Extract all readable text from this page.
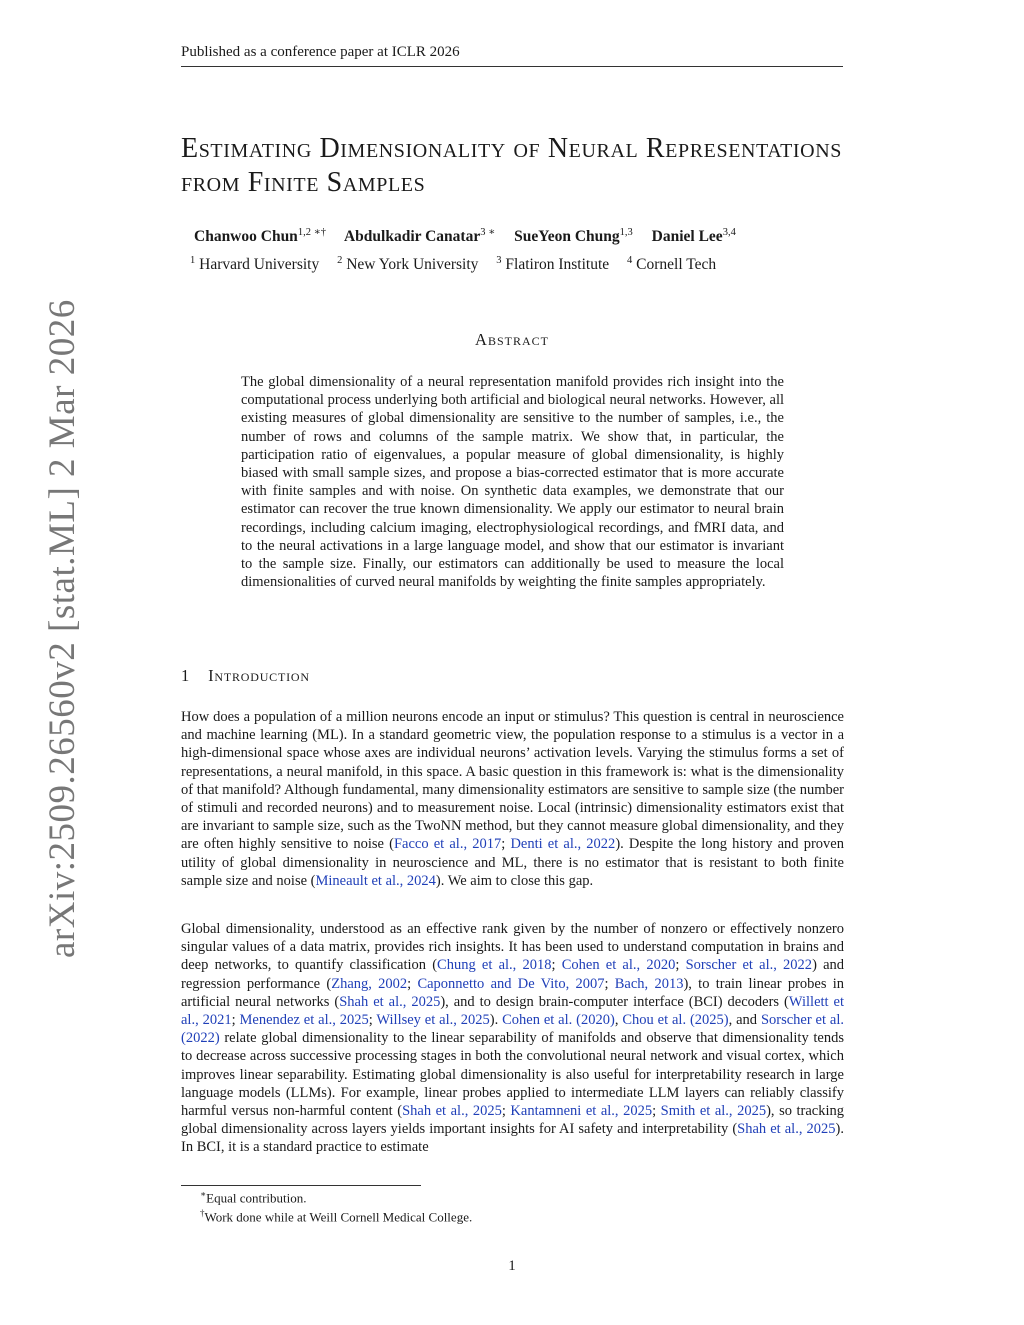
Published as a conference paper at ICLR 2026
arXiv:2509.26560v2 [stat.ML] 2 Mar 2026
Estimating Dimensionality of Neural Representations from Finite Samples
Chanwoo Chun$^{1,2 ∗\dagger}$ Abdulkadir Canatar$^{3 ∗}$ SueYeon Chung$^{1,3}$ Daniel Lee$^{3,4}$
$^1$ Harvard University $^2$ New York University $^3$ Flatiron Institute $^4$ Cornell Tech
Abstract

The global dimensionality of a neural representation manifold provides rich insight into the computational process underlying both artificial and biological neural networks. However, all existing measures of global dimensionality are sensitive to the number of samples, i.e., the number of rows and columns of the sample matrix. We show that, in particular, the participation ratio of eigenvalues, a popular measure of global dimensionality, is highly biased with small sample sizes, and propose a bias-corrected estimator that is more accurate with finite samples and with noise. On synthetic data examples, we demonstrate that our estimator can recover the true known dimensionality. We apply our estimator to neural brain recordings, including calcium imaging, electrophysiological recordings, and fMRI data, and to the neural activations in a large language model, and show that our estimator is invariant to the sample size. Finally, our estimators can additionally be used to measure the local dimensionalities of curved neural manifolds by weighting the finite samples appropriately.

1 Introduction

How does a population of a million neurons encode an input or stimulus? This question is central in neuroscience and machine learning (ML). In a standard geometric view, the population response to a stimulus is a vector in a high-dimensional space whose axes are individual neurons’ activation levels. Varying the stimulus forms a set of representations, a neural manifold, in this space. A basic question in this framework is: what is the dimensionality of that manifold? Although fundamental, many dimensionality estimators are sensitive to sample size (the number of stimuli and recorded neurons) and to measurement noise. Local (intrinsic) dimensionality estimators exist that are invariant to sample size, such as the TwoNN method, but they cannot measure global dimensionality, and they are often highly sensitive to noise (Facco et al., 2017; Denti et al., 2022). Despite the long history and proven utility of global dimensionality in neuroscience and ML, there is no estimator that is resistant to both finite sample size and noise (Mineault et al., 2024). We aim to close this gap.

Global dimensionality, understood as an effective rank given by the number of nonzero or effectively nonzero singular values of a data matrix, provides rich insights. It has been used to understand computation in brains and deep networks, to quantify classification (Chung et al., 2018; Cohen et al., 2020; Sorscher et al., 2022) and regression performance (Zhang, 2002; Caponnetto and De Vito, 2007; Bach, 2013), to train linear probes in artificial neural networks (Shah et al., 2025), and to design brain-computer interface (BCI) decoders (Willett et al., 2021; Menendez et al., 2025; Willsey et al., 2025). Cohen et al. (2020), Chou et al. (2025), and Sorscher et al. (2022) relate global dimensionality to the linear separability of manifolds and observe that dimensionality tends to decrease across successive processing stages in both the convolutional neural network and visual cortex, which improves linear separability. Estimating global dimensionality is also useful for interpretability research in large language models (LLMs). For example, linear probes applied to intermediate LLM layers can reliably classify harmful versus non-harmful content (Shah et al., 2025; Kantamneni et al., 2025; Smith et al., 2025), so tracking global dimensionality across layers yields important insights for AI safety and interpretability (Shah et al., 2025). In BCI, it is a standard practice to estimate

∗Equal contribution.
†Work done while at Weill Cornell Medical College.
1
